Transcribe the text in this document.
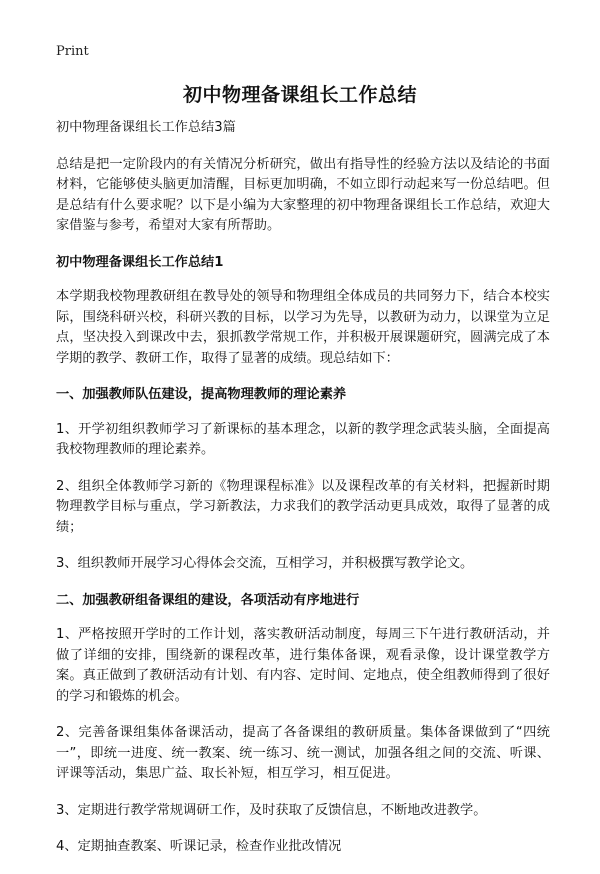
Print
初中物理备课组长工作总结

初中物理备课组长工作总结3篇

总结是把一定阶段内的有关情况分析研究，做出有指导性的经验方法以及结论的书面材料，它能够使头脑更加清醒，目标更加明确，不如立即行动起来写一份总结吧。但是总结有什么要求呢？以下是小编为大家整理的初中物理备课组长工作总结，欢迎大家借鉴与参考，希望对大家有所帮助。

初中物理备课组长工作总结1

本学期我校物理教研组在教导处的领导和物理组全体成员的共同努力下，结合本校实际，围绕科研兴校，科研兴教的目标，以学习为先导，以教研为动力，以课堂为立足点，坚决投入到课改中去，狠抓教学常规工作，并积极开展课题研究，圆满完成了本学期的教学、教研工作，取得了显著的成绩。现总结如下：

一、加强教师队伍建设，提高物理教师的理论素养

1、开学初组织教师学习了新课标的基本理念，以新的教学理念武装头脑，全面提高我校物理教师的理论素养。

2、组织全体教师学习新的《物理课程标准》以及课程改革的有关材料，把握新时期物理教学目标与重点，学习新教法，力求我们的教学活动更具成效，取得了显著的成绩；

3、组织教师开展学习心得体会交流，互相学习，并积极撰写教学论文。

二、加强教研组备课组的建设，各项活动有序地进行

1、严格按照开学时的工作计划，落实教研活动制度，每周三下午进行教研活动，并做了详细的安排，围绕新的课程改革，进行集体备课，观看录像，设计课堂教学方案。真正做到了教研活动有计划、有内容、定时间、定地点，使全组教师得到了很好的学习和锻炼的机会。

2、完善备课组集体备课活动，提高了各备课组的教研质量。集体备课做到了“四统一”，即统一进度、统一教案、统一练习、统一测试，加强各组之间的交流、听课、评课等活动，集思广益、取长补短，相互学习，相互促进。

3、定期进行教学常规调研工作，及时获取了反馈信息，不断地改进教学。

4、定期抽查教案、听课记录，检查作业批改情况
